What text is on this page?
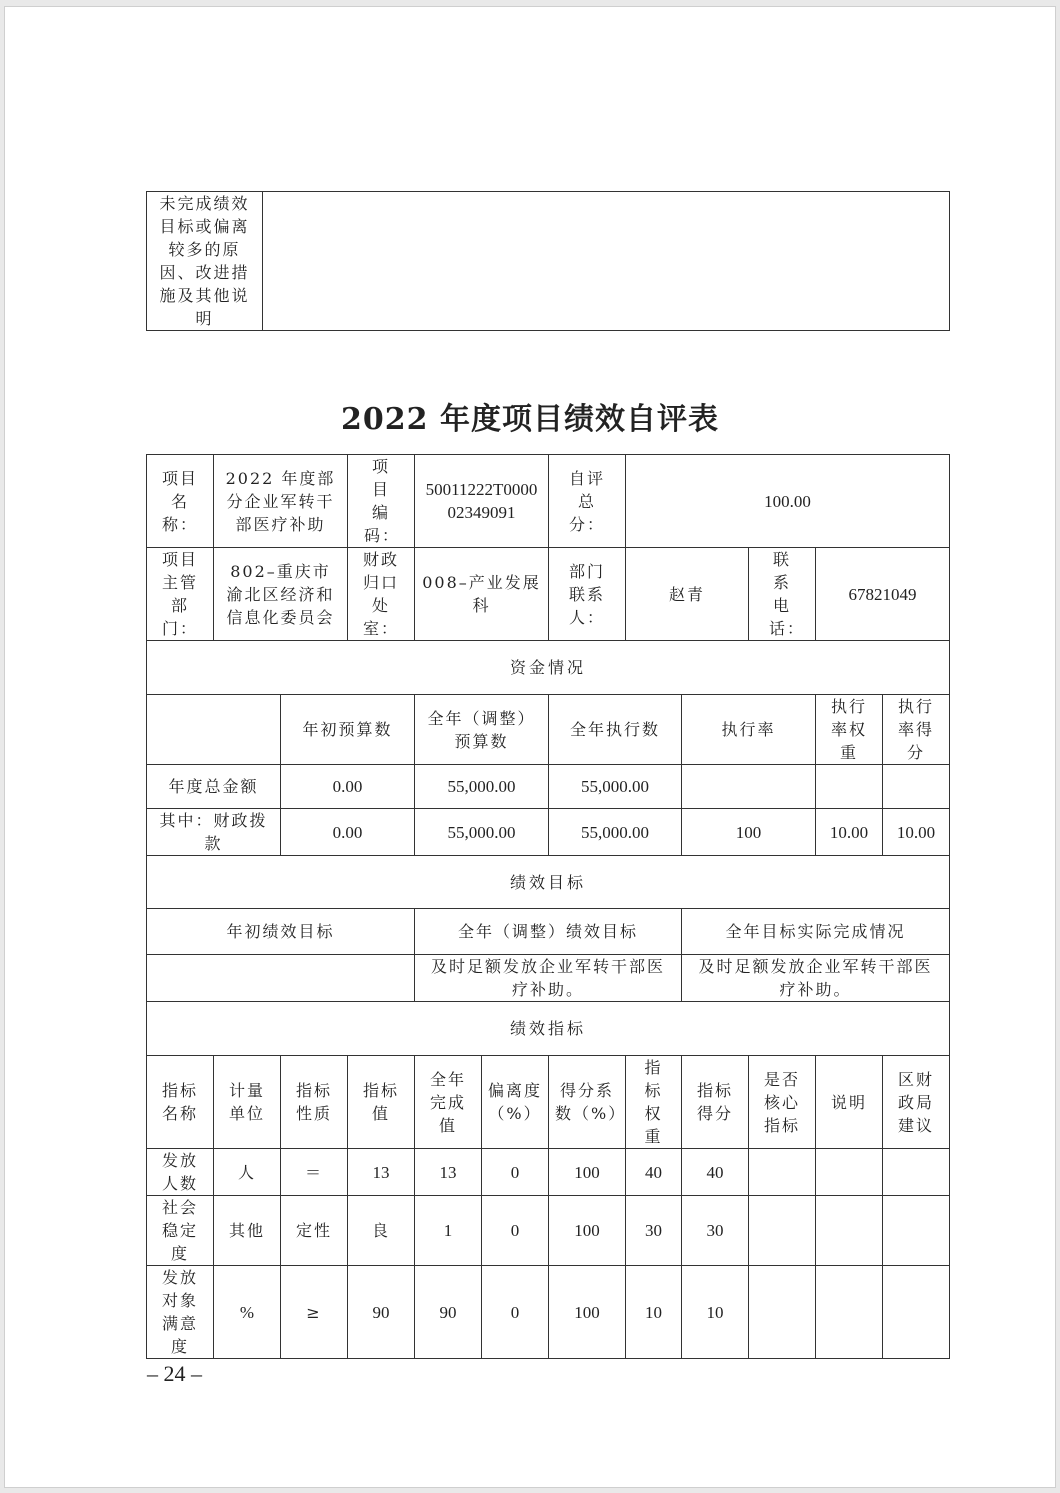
未完成绩效目标或偏离较多的原因、改进措施及其他说明	
2022 年度项目绩效自评表
项目名称：	2022 年度部分企业军转干部医疗补助		项目编码：	50011222T000002349091		自评总分：	100.00				
项目主管部门：	802–重庆市渝北区经济和信息化委员会		财政归口处室：	008–产业发展科		部门联系人：	赵青		联系电话：	67821049	
资金情况											
		年初预算数		全年（调整）预算数		全年执行数		执行率		执行率权重	执行率得分
年度总金额		0.00		55,000.00		55,000.00					
其中：财政拨款		0.00		55,000.00		55,000.00		100		10.00	10.00
绩效目标											
年初绩效目标				全年（调整）绩效目标				全年目标实际完成情况			
				及时足额发放企业军转干部医疗补助。				及时足额发放企业军转干部医疗补助。			
绩效指标											
指标名称	计量单位	指标性质	指标值	全年完成值	偏离度（%）	得分系数（%）	指标权重	指标得分	是否核心指标	说明	区财政局建议
发放人数	人	＝	13	13	0	100	40	40			
社会稳定度	其他	定性	良	1	0	100	30	30			
发放对象满意度	%	≥	90	90	0	100	10	10			
– 24 –
